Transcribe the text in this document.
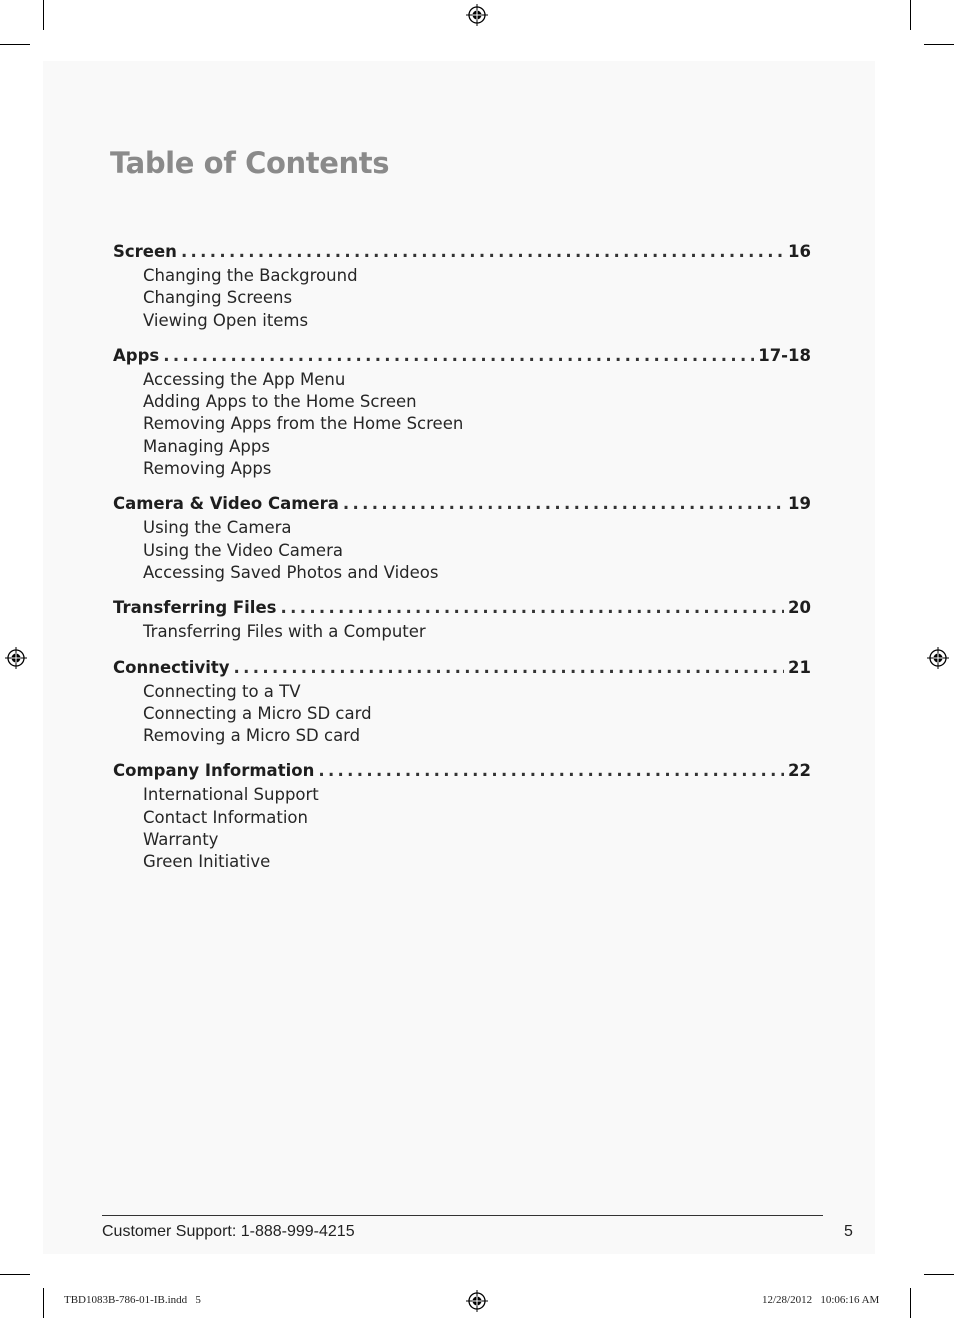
Table of Contents
Screen . . .	16

Changing the Background

Changing Screens

Viewing Open items

Apps . . .	17-18

Accessing the App Menu

Adding Apps to the Home Screen

Removing Apps from the Home Screen

Managing Apps

Removing Apps

Camera & Video Camera . . .	19

Using the Camera

Using the Video Camera

Accessing Saved Photos and Videos

Transferring Files . . .	20

Transferring Files with a Computer

Connectivity . . .	21

Connecting to a TV

Connecting a Micro SD card

Removing a Micro SD card

Company Information . . .	22

International Support

Contact Information

Warranty

Green Initiative

Customer Support: 1-888-999-4215	5
TBD1083B-786-01-IB.indd   5	12/28/2012   10:06:16 AM
